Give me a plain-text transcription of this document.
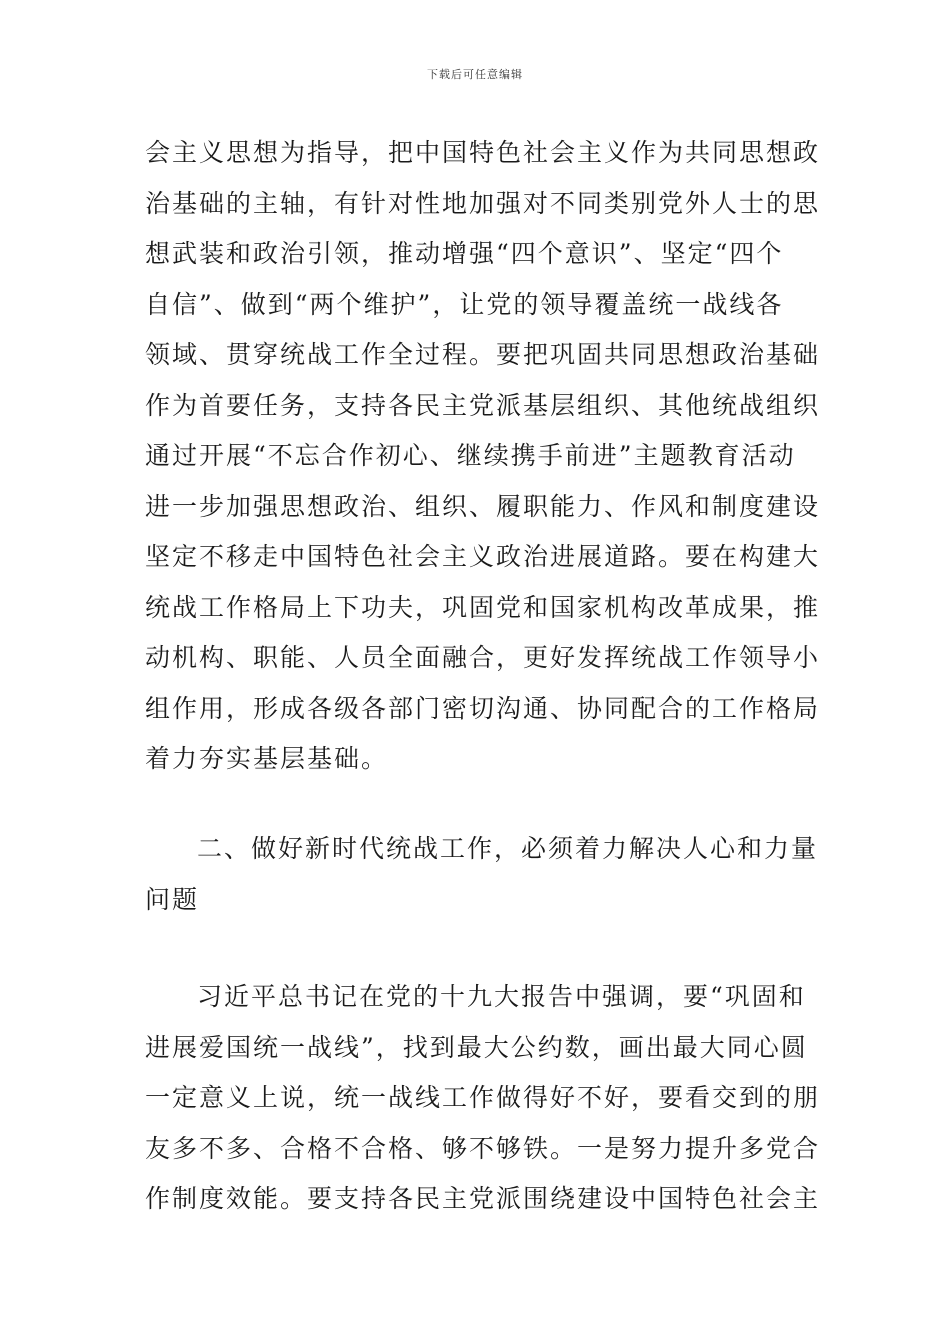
下载后可任意编辑
会主义思想为指导，把中国特色社会主义作为共同思想政
治基础的主轴，有针对性地加强对不同类别党外人士的思
想武装和政治引领，推动增强“四个意识”、坚定“四个
自信”、做到“两个维护”，让党的领导覆盖统一战线各
领域、贯穿统战工作全过程。要把巩固共同思想政治基础
作为首要任务，支持各民主党派基层组织、其他统战组织
通过开展“不忘合作初心、继续携手前进”主题教育活动
进一步加强思想政治、组织、履职能力、作风和制度建设
坚定不移走中国特色社会主义政治进展道路。要在构建大
统战工作格局上下功夫，巩固党和国家机构改革成果，推
动机构、职能、人员全面融合，更好发挥统战工作领导小
组作用，形成各级各部门密切沟通、协同配合的工作格局
着力夯实基层基础。
二、做好新时代统战工作，必须着力解决人心和力量
问题
习近平总书记在党的十九大报告中强调，要“巩固和
进展爱国统一战线”，找到最大公约数，画出最大同心圆
一定意义上说，统一战线工作做得好不好，要看交到的朋
友多不多、合格不合格、够不够铁。一是努力提升多党合
作制度效能。要支持各民主党派围绕建设中国特色社会主
